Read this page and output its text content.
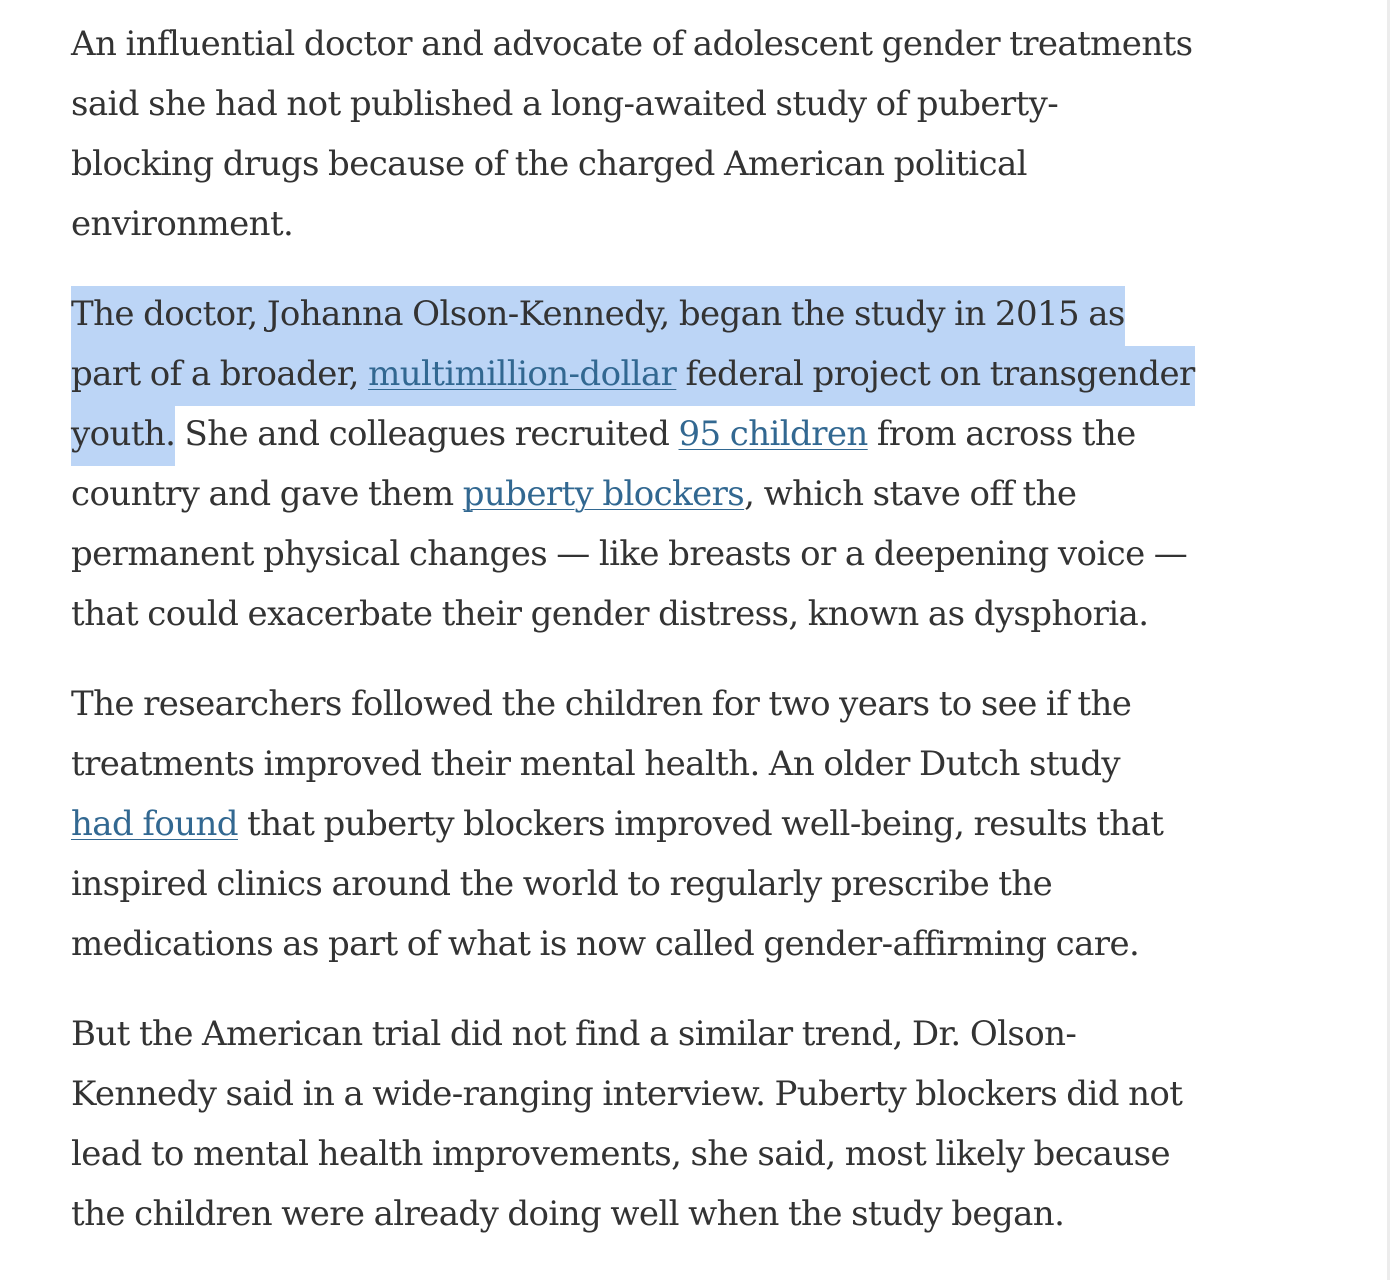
An influential doctor and advocate of adolescent gender treatments
said she had not published a long-awaited study of puberty-
blocking drugs because of the charged American political
environment.

The doctor, Johanna Olson-Kennedy, began the study in 2015 as
part of a broader, multimillion-dollar federal project on transgender
youth. She and colleagues recruited 95 children from across the
country and gave them puberty blockers, which stave off the
permanent physical changes — like breasts or a deepening voice —
that could exacerbate their gender distress, known as dysphoria.

The researchers followed the children for two years to see if the
treatments improved their mental health. An older Dutch study
had found that puberty blockers improved well-being, results that
inspired clinics around the world to regularly prescribe the
medications as part of what is now called gender-affirming care.

But the American trial did not find a similar trend, Dr. Olson-
Kennedy said in a wide-ranging interview. Puberty blockers did not
lead to mental health improvements, she said, most likely because
the children were already doing well when the study began.
